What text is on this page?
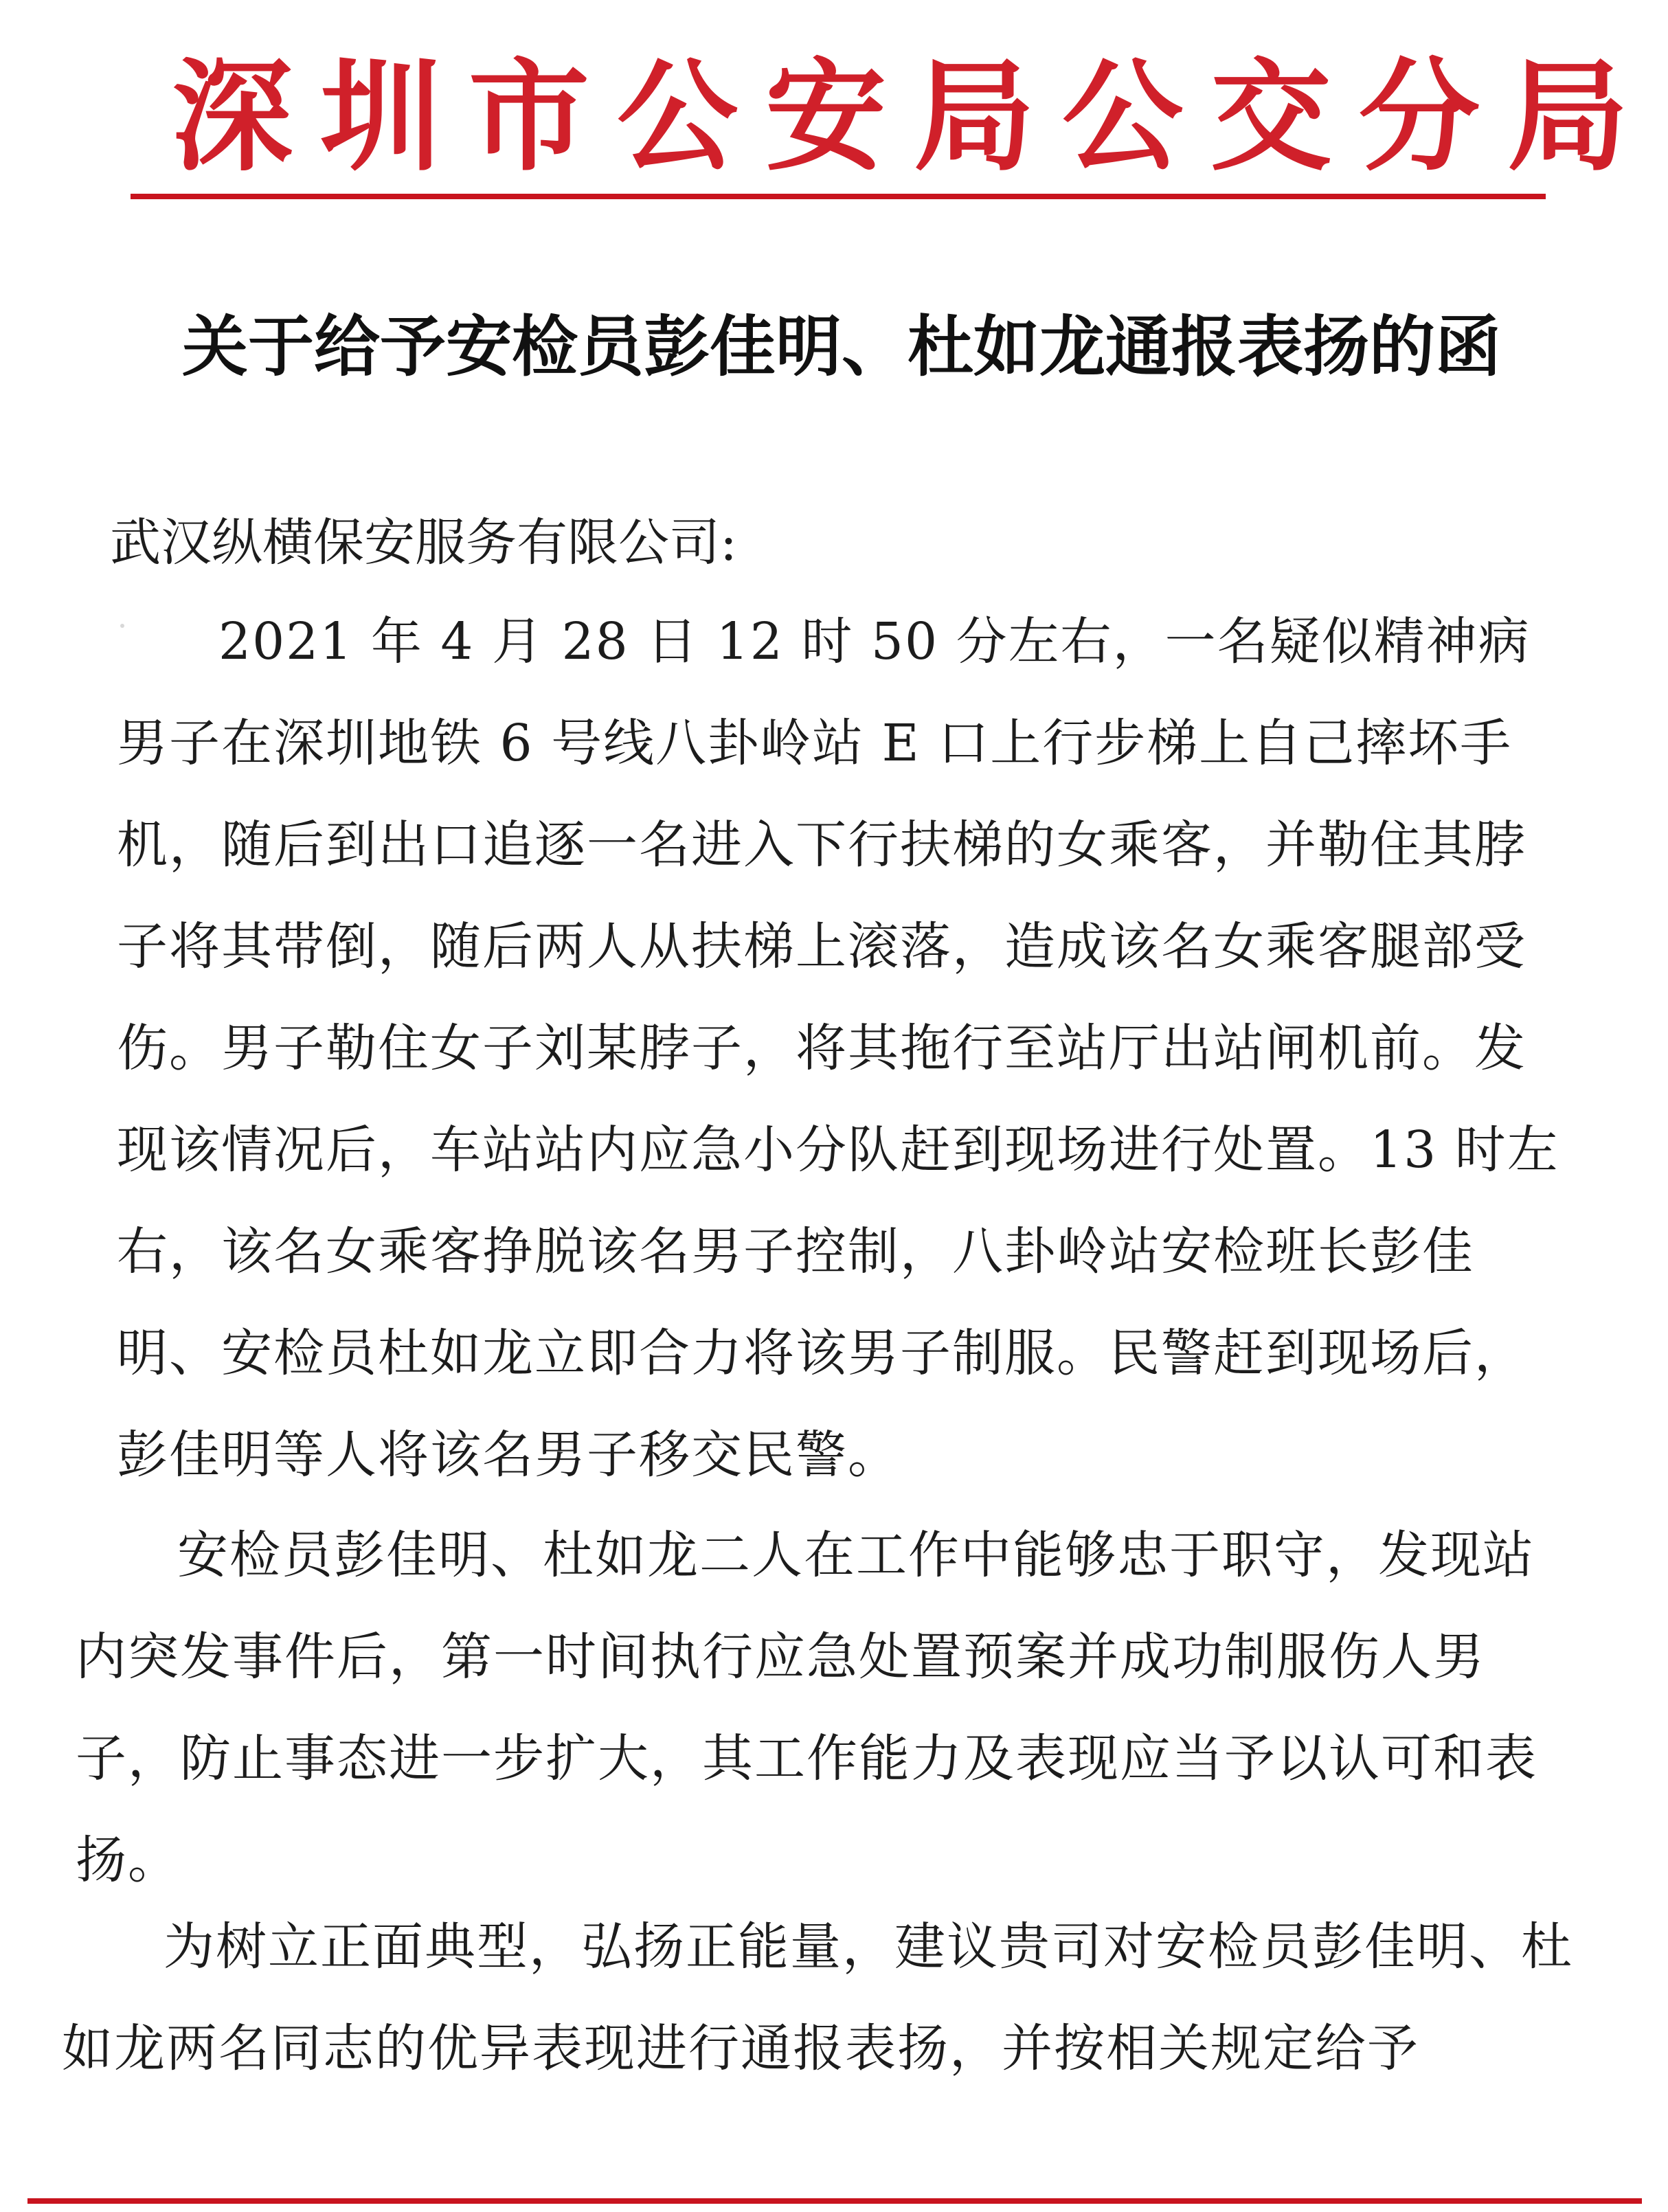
深圳市公安局公交分局
关于给予安检员彭佳明、杜如龙通报表扬的函
武汉纵横保安服务有限公司:
2021 年 4 月 28 日 12 时 50 分左右，一名疑似精神病男子在深圳地铁 6 号线八卦岭站 E 口上行步梯上自己摔坏手机，随后到出口追逐一名进入下行扶梯的女乘客，并勒住其脖子将其带倒，随后两人从扶梯上滚落，造成该名女乘客腿部受伤。男子勒住女子刘某脖子，将其拖行至站厅出站闸机前。发现该情况后，车站站内应急小分队赶到现场进行处置。13 时左右，该名女乘客挣脱该名男子控制，八卦岭站安检班长彭佳明、安检员杜如龙立即合力将该男子制服。民警赶到现场后，彭佳明等人将该名男子移交民警。
安检员彭佳明、杜如龙二人在工作中能够忠于职守，发现站内突发事件后，第一时间执行应急处置预案并成功制服伤人男子，防止事态进一步扩大，其工作能力及表现应当予以认可和表扬。
为树立正面典型，弘扬正能量，建议贵司对安检员彭佳明、杜如龙两名同志的优异表现进行通报表扬，并按相关规定给予
